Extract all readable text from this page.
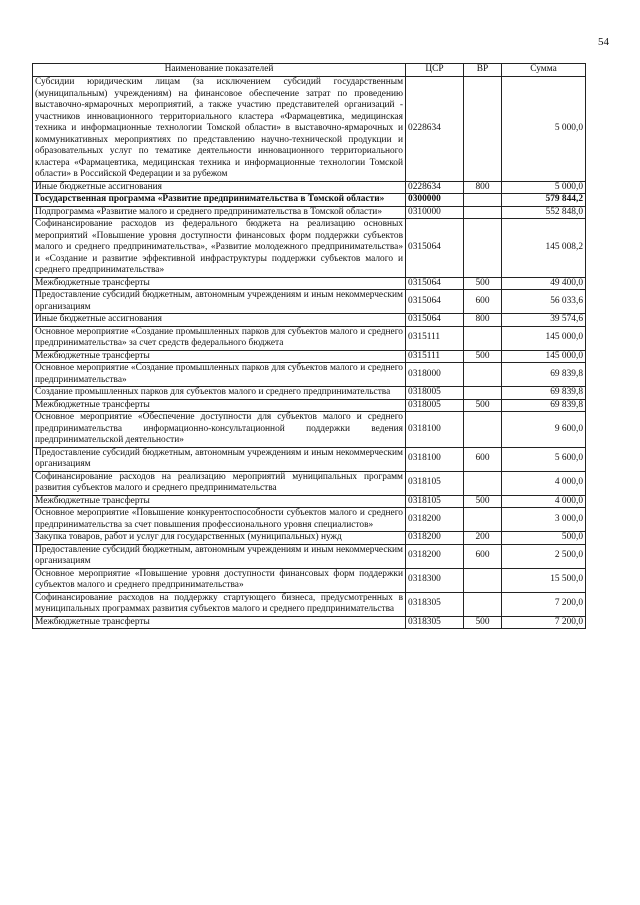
54
Наименование показателей	ЦСР	ВР	Сумма
Субсидии юридическим лицам (за исключением субсидий государственным (муниципальным) учреждениям) на финансовое обеспечение затрат по проведению выставочно-ярмарочных мероприятий, а также участию представителей организаций - участников инновационного территориального кластера «Фармацевтика, медицинская техника и информационные технологии Томской области» в выставочно-ярмарочных и коммуникативных мероприятиях по представлению научно-технической продукции и образовательных услуг по тематике деятельности инновационного территориального кластера «Фармацевтика, медицинская техника и информационные технологии Томской области» в Российской Федерации и за рубежом	0228634		5 000,0
Иные бюджетные ассигнования	0228634	800	5 000,0
Государственная программа «Развитие предпринимательства в Томской области»	0300000		579 844,2
Подпрограмма «Развитие малого и среднего предпринимательства в Томской области»	0310000		552 848,0
Софинансирование расходов из федерального бюджета на реализацию основных мероприятий «Повышение уровня доступности финансовых форм поддержки субъектов малого и среднего предпринимательства», «Развитие молодежного предпринимательства» и «Создание и развитие эффективной инфраструктуры поддержки субъектов малого и среднего предпринимательства»	0315064		145 008,2
Межбюджетные трансферты	0315064	500	49 400,0
Предоставление субсидий бюджетным, автономным учреждениям и иным некоммерческим организациям	0315064	600	56 033,6
Иные бюджетные ассигнования	0315064	800	39 574,6
Основное мероприятие «Создание промышленных парков для субъектов малого и среднего предпринимательства» за счет средств федерального бюджета	0315111		145 000,0
Межбюджетные трансферты	0315111	500	145 000,0
Основное мероприятие «Создание промышленных парков для субъектов малого и среднего предпринимательства»	0318000		69 839,8
Создание промышленных парков для субъектов малого и среднего предпринимательства	0318005		69 839,8
Межбюджетные трансферты	0318005	500	69 839,8
Основное мероприятие «Обеспечение доступности для субъектов малого и среднего предпринимательства информационно-консультационной поддержки ведения предпринимательской деятельности»	0318100		9 600,0
Предоставление субсидий бюджетным, автономным учреждениям и иным некоммерческим организациям	0318100	600	5 600,0
Софинансирование расходов на реализацию мероприятий муниципальных программ развития субъектов малого и среднего предпринимательства	0318105		4 000,0
Межбюджетные трансферты	0318105	500	4 000,0
Основное мероприятие «Повышение конкурентоспособности субъектов малого и среднего предпринимательства за счет повышения профессионального уровня специалистов»	0318200		3 000,0
Закупка товаров, работ и услуг для государственных (муниципальных) нужд	0318200	200	500,0
Предоставление субсидий бюджетным, автономным учреждениям и иным некоммерческим организациям	0318200	600	2 500,0
Основное мероприятие «Повышение уровня доступности финансовых форм поддержки субъектов малого и среднего предпринимательства»	0318300		15 500,0
Софинансирование расходов на поддержку стартующего бизнеса, предусмотренных в муниципальных программах развития субъектов малого и среднего предпринимательства	0318305		7 200,0
Межбюджетные трансферты	0318305	500	7 200,0
